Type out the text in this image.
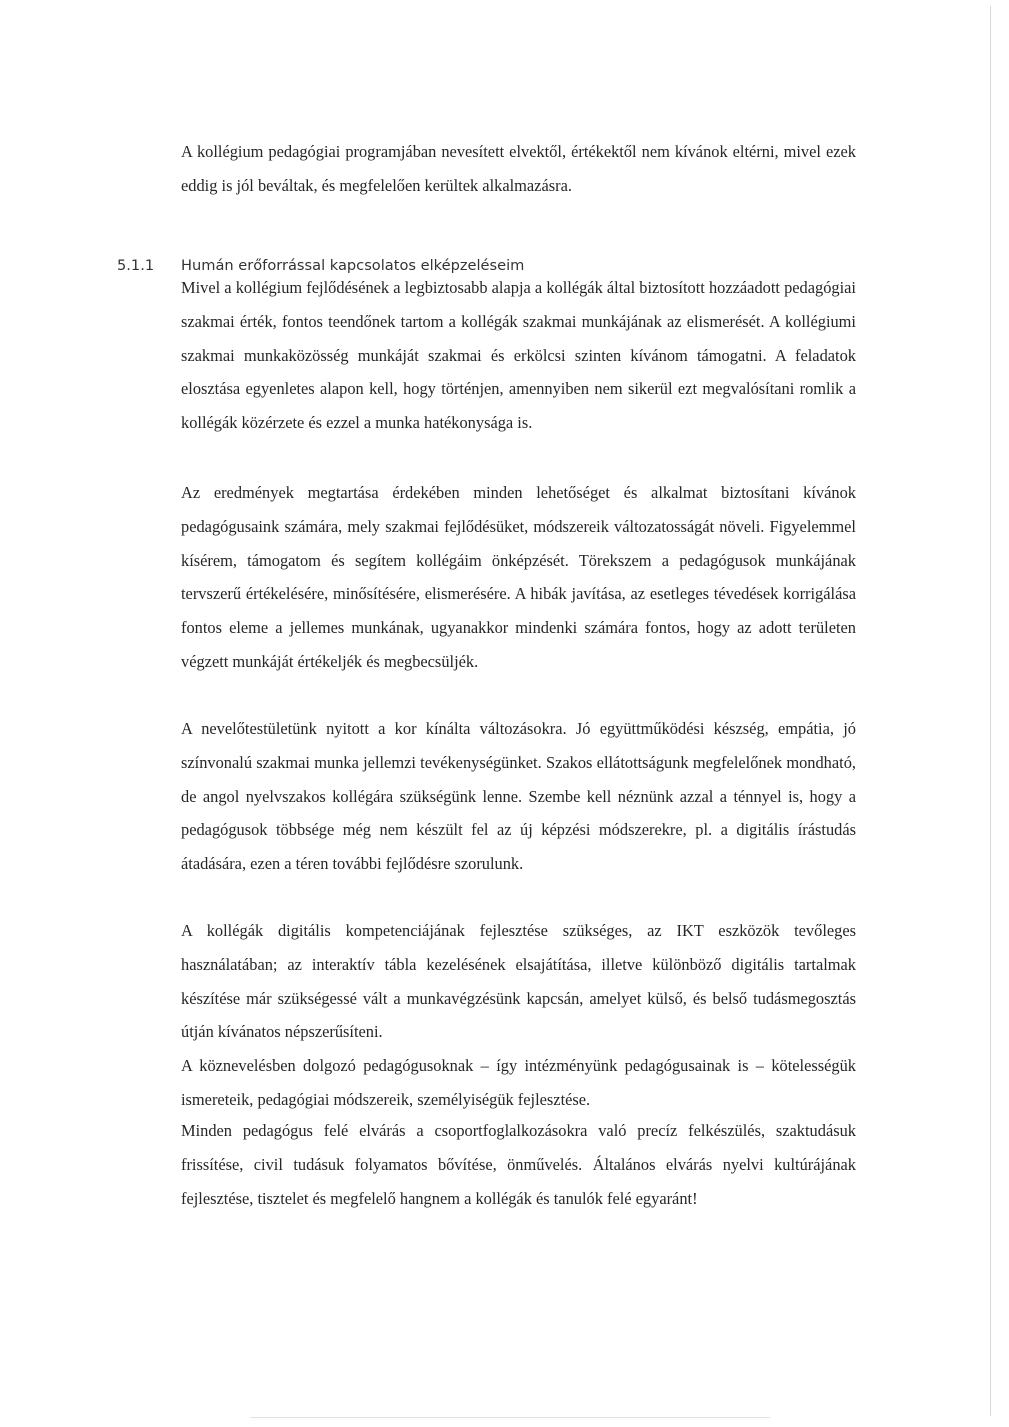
A kollégium pedagógiai programjában nevesített elvektől, értékektől nem kívánok eltérni, mivel ezek eddig is jól beváltak, és megfelelően kerültek alkalmazásra.

5.1.1 Humán erőforrással kapcsolatos elképzeléseim

Mivel a kollégium fejlődésének a legbiztosabb alapja a kollégák által biztosított hozzáadott pedagógiai szakmai érték, fontos teendőnek tartom a kollégák szakmai munkájának az elismerését. A kollégiumi szakmai munkaközösség munkáját szakmai és erkölcsi szinten kívánom támogatni. A feladatok elosztása egyenletes alapon kell, hogy történjen, amennyiben nem sikerül ezt megvalósítani romlik a kollégák közérzete és ezzel a munka hatékonysága is.

Az eredmények megtartása érdekében minden lehetőséget és alkalmat biztosítani kívánok pedagógusaink számára, mely szakmai fejlődésüket, módszereik változatosságát növeli. Figyelemmel kísérem, támogatom és segítem kollégáim önképzését. Törekszem a pedagógusok munkájának tervszerű értékelésére, minősítésére, elismerésére. A hibák javítása, az esetleges tévedések korrigálása fontos eleme a jellemes munkának, ugyanakkor mindenki számára fontos, hogy az adott területen végzett munkáját értékeljék és megbecsüljék.

A nevelőtestületünk nyitott a kor kínálta változásokra. Jó együttműködési készség, empátia, jó színvonalú szakmai munka jellemzi tevékenységünket. Szakos ellátottságunk megfelelőnek mondható, de angol nyelvszakos kollégára szükségünk lenne. Szembe kell néznünk azzal a ténnyel is, hogy a pedagógusok többsége még nem készült fel az új képzési módszerekre, pl. a digitális írástudás átadására, ezen a téren további fejlődésre szorulunk.

A kollégák digitális kompetenciájának fejlesztése szükséges, az IKT eszközök tevőleges használatában; az interaktív tábla kezelésének elsajátítása, illetve különböző digitális tartalmak készítése már szükségessé vált a munkavégzésünk kapcsán, amelyet külső, és belső tudásmegosztás útján kívánatos népszerűsíteni.

A köznevelésben dolgozó pedagógusoknak – így intézményünk pedagógusainak is – kötelességük ismereteik, pedagógiai módszereik, személyiségük fejlesztése.

Minden pedagógus felé elvárás a csoportfoglalkozásokra való precíz felkészülés, szaktudásuk frissítése, civil tudásuk folyamatos bővítése, önművelés. Általános elvárás nyelvi kultúrájának fejlesztése, tisztelet és megfelelő hangnem a kollégák és tanulók felé egyaránt!
